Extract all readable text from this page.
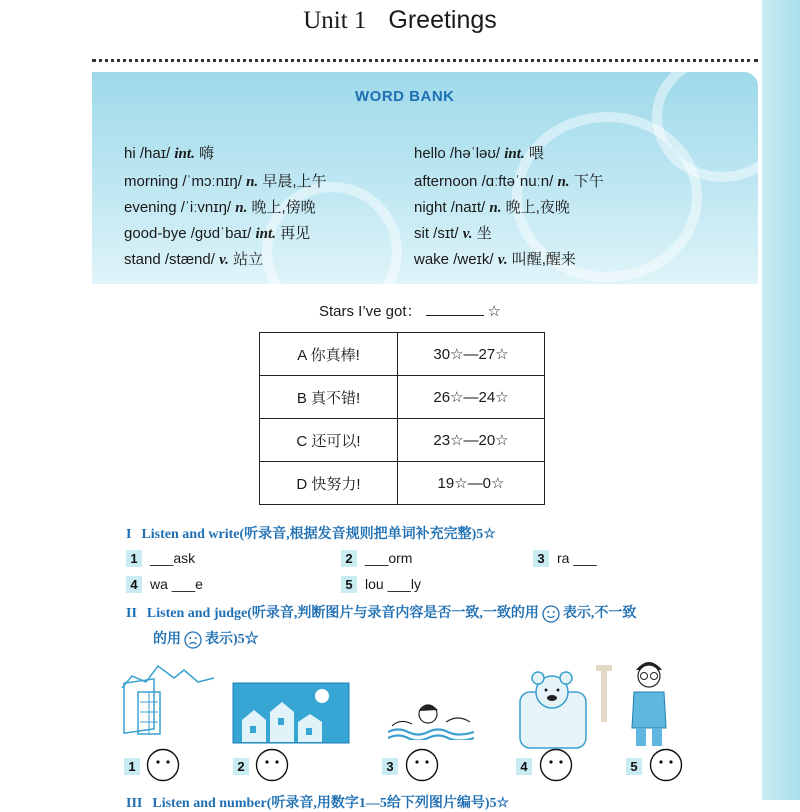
Unit 1 Greetings
WORD BANK
hi /haɪ/ int. 嗨
morning /ˈmɔːnɪŋ/ n. 早晨,上午
evening /ˈiːvnɪŋ/ n. 晚上,傍晚
good-bye /ɡʊdˈbaɪ/ int. 再见
stand /stænd/ v. 站立
hello /həˈləʊ/ int. 喂
afternoon /ɑːftəˈnuːn/ n. 下午
night /naɪt/ n. 晚上,夜晚
sit /sɪt/ v. 坐
wake /weɪk/ v. 叫醒,醒来
Stars I’ve got：	☆
A 你真棒!	30☆—27☆
B 真不错!	26☆—24☆
C 还可以!	23☆—20☆
D 快努力!	19☆—0☆
I Listen and write(听录音,根据发音规则把单词补充完整)5☆
1 ___ask	2 ___orm	3 ra ___
4 wa ___e	5 lou ___ly
II Listen and judge(听录音,判断图片与录音内容是否一致,一致的用 表示,不一致
的用 表示)5☆
1	2	3	4	5
III Listen and number(听录音,用数字1—5给下列图片编号)5☆
